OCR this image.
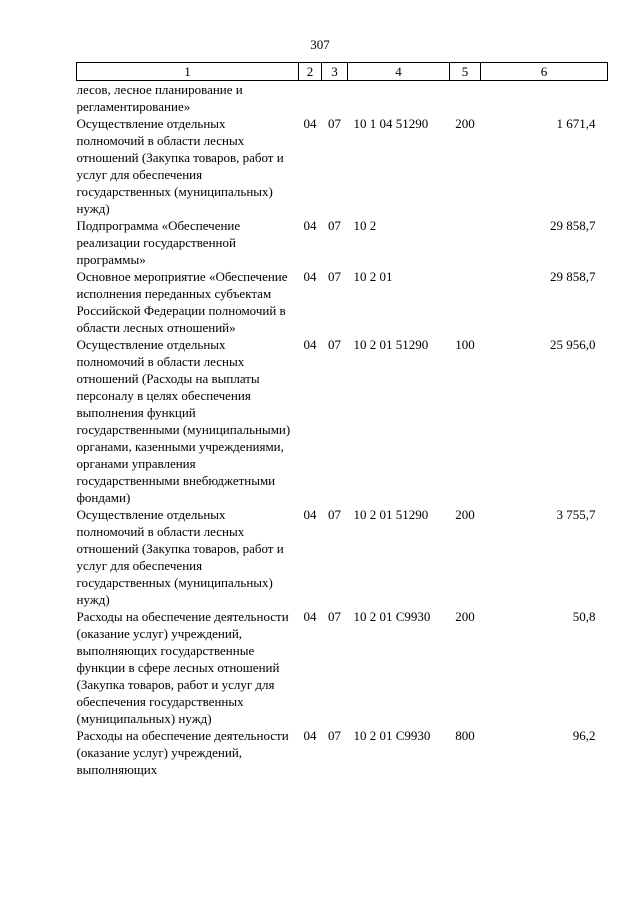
307
1	2	3	4	5	6
лесов, лесное планирование и регламентирование»					
Осуществление отдельных полномочий в области лесных отношений (Закупка товаров, работ и услуг для обеспечения государственных (муниципальных) нужд)	04	07	10 1 04 51290	200	1 671,4
Подпрограмма «Обеспечение реализации государственной программы»	04	07	10 2		29 858,7
Основное мероприятие «Обеспечение исполнения переданных субъектам Российской Федерации полномочий в области лесных отношений»	04	07	10 2 01		29 858,7
Осуществление отдельных полномочий в области лесных отношений (Расходы на выплаты персоналу в целях обеспечения выполнения функций государственными (муниципальными) органами, казенными учреждениями, органами управления государственными внебюджетными фондами)	04	07	10 2 01 51290	100	25 956,0
Осуществление отдельных полномочий в области лесных отношений (Закупка товаров, работ и услуг для обеспечения государственных (муниципальных) нужд)	04	07	10 2 01 51290	200	3 755,7
Расходы на обеспечение деятельности (оказание услуг) учреждений, выполняющих государственные функции в сфере лесных отношений (Закупка товаров, работ и услуг для обеспечения государственных (муниципальных) нужд)	04	07	10 2 01 С9930	200	50,8
Расходы на обеспечение деятельности (оказание услуг) учреждений, выполняющих	04	07	10 2 01 С9930	800	96,2
